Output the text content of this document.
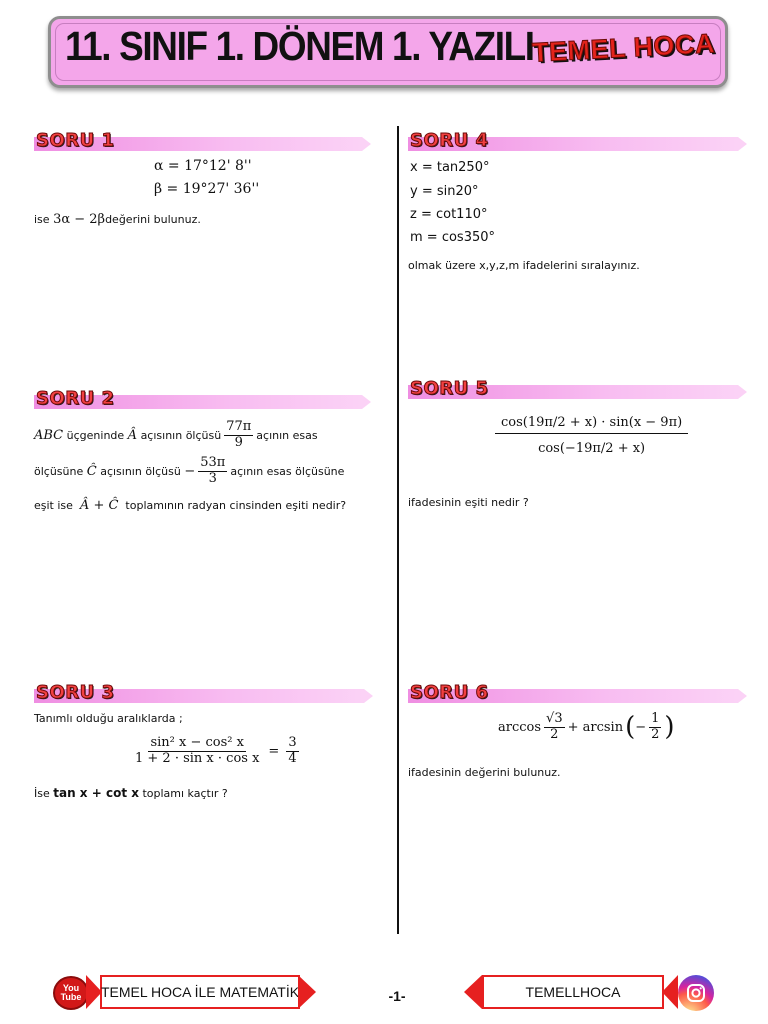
11. SINIF 1. DÖNEM 1. YAZILI
TEMEL HOCA
SORU 1
α = 17°12' 8''
β = 19°27' 36''
ise 3α − 2βdeğerini bulunuz.
SORU 2
ABC
üçgeninde
Â
açısının ölçüsü $\frac{77\pi}{9}$ açının esas
ölçüsüne
Ĉ
açısının ölçüsü
− $\frac{53\pi}{3}$ açının esas ölçüsüne
eşit ise
Â + Ĉ
toplamının radyan cinsinden eşiti nedir?
SORU 3
Tanımlı olduğu aralıklarda ;
$\frac{\text{sin² x − cos² x}}{\text{1 + 2 · sin x · cos x}} = \frac{3}{4}$
İse
tan x + cot x
toplamı kaçtır ?
SORU 4
x = tan250°
y = sin20°
z = cot110°
m = cos350°
olmak üzere x,y,z,m ifadelerini sıralayınız.
SORU 5
$\frac{\cos(19\pi/2 + x) \cdot \sin(x - 9\pi)}{\cos(-19\pi/2 + x)}$
ifadesinin eşiti nedir ?
SORU 6
$\arccos \frac{√3}{2} + \arcsin$ ( − $\frac{1}{2}$ )
ifadesinin değerini bulunuz.
You
Tube TEMEL HOCA İLE MATEMATİK	-1-	TEMELLHOCA
